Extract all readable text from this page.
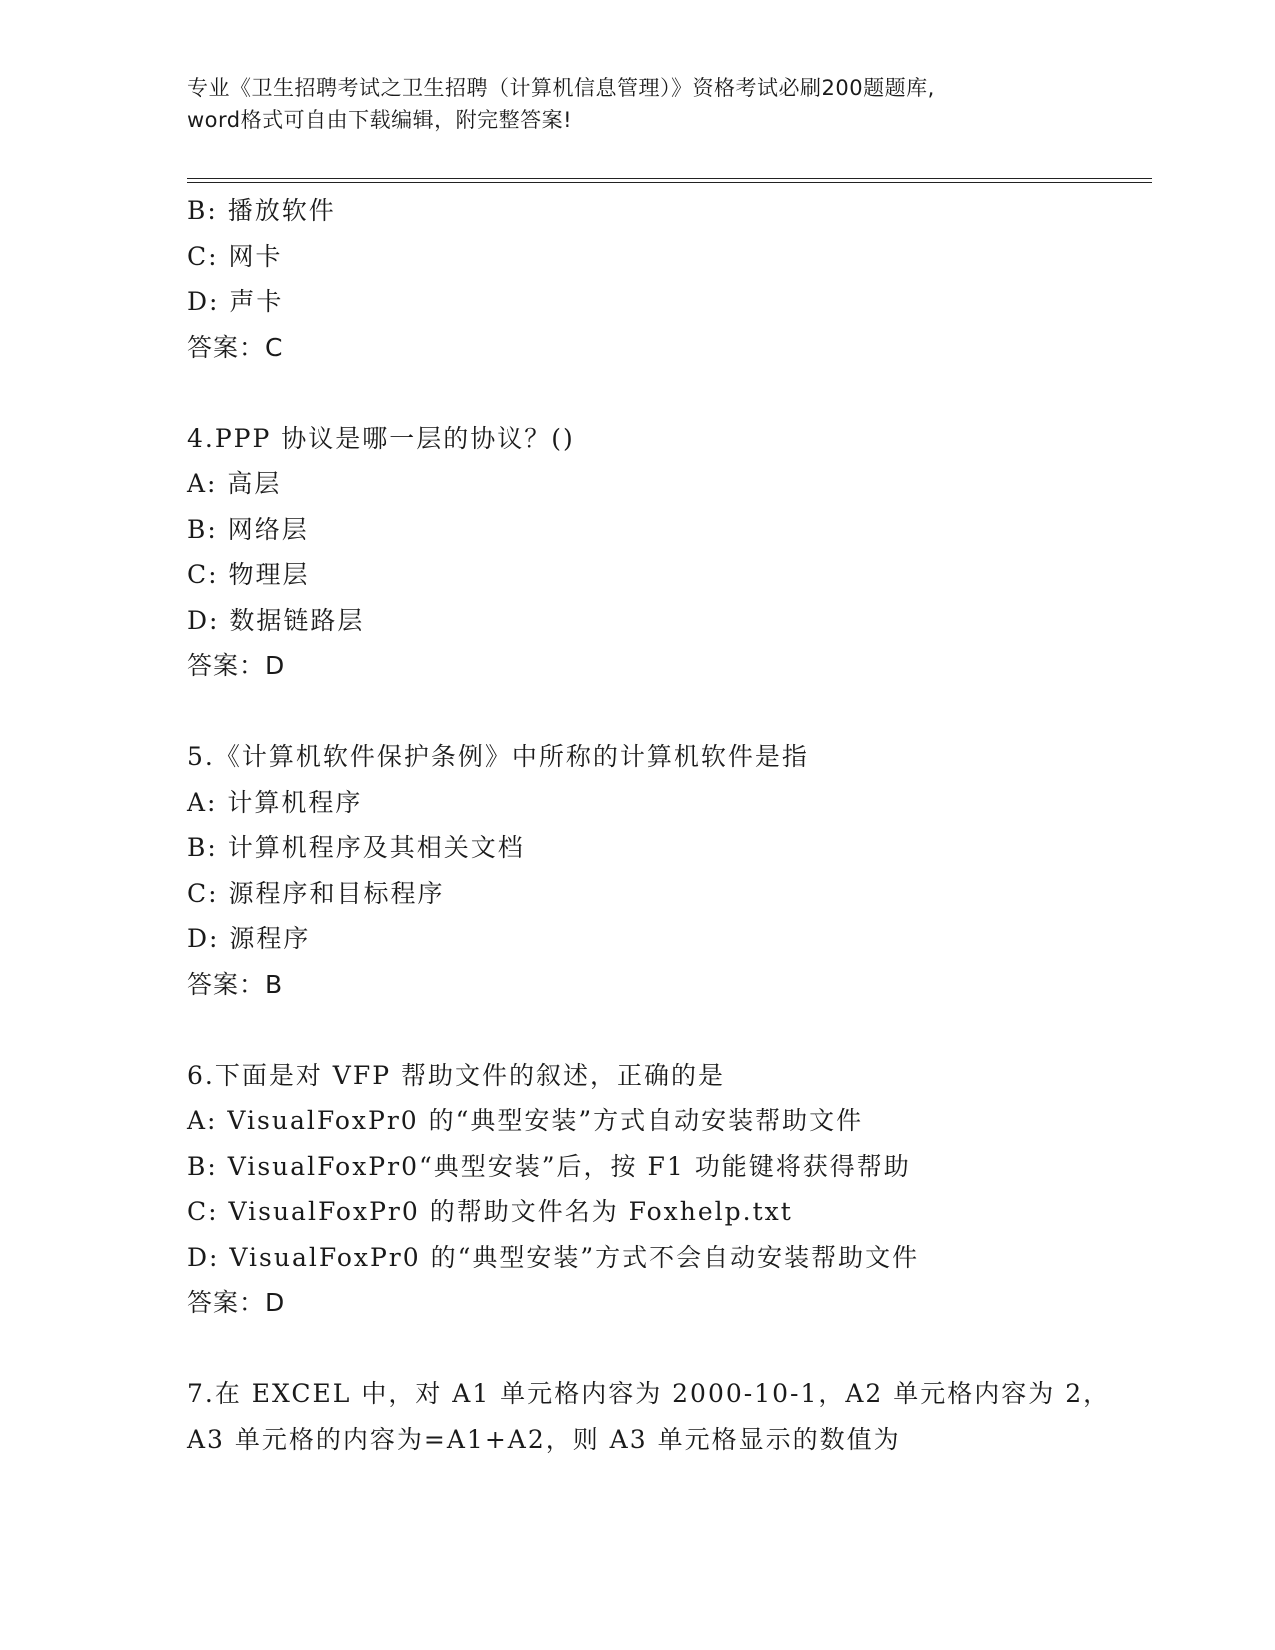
专业《卫生招聘考试之卫生招聘（计算机信息管理）》资格考试必刷200题题库,
word格式可自由下载编辑，附完整答案!
B: 播放软件
C: 网卡
D: 声卡
答案：C
4.PPP 协议是哪一层的协议？()
A: 高层
B: 网络层
C: 物理层
D: 数据链路层
答案：D
5.《计算机软件保护条例》中所称的计算机软件是指
A: 计算机程序
B: 计算机程序及其相关文档
C: 源程序和目标程序
D: 源程序
答案：B
6.下面是对 VFP 帮助文件的叙述，正确的是
A: VisualFoxPr0 的“典型安装”方式自动安装帮助文件
B: VisualFoxPr0“典型安装”后，按 F1 功能键将获得帮助
C: VisualFoxPr0 的帮助文件名为 Foxhelp.txt
D: VisualFoxPr0 的“典型安装”方式不会自动安装帮助文件
答案：D
7.在 EXCEL 中，对 A1 单元格内容为 2000-10-1，A2 单元格内容为 2，
A3 单元格的内容为=A1+A2，则 A3 单元格显示的数值为
